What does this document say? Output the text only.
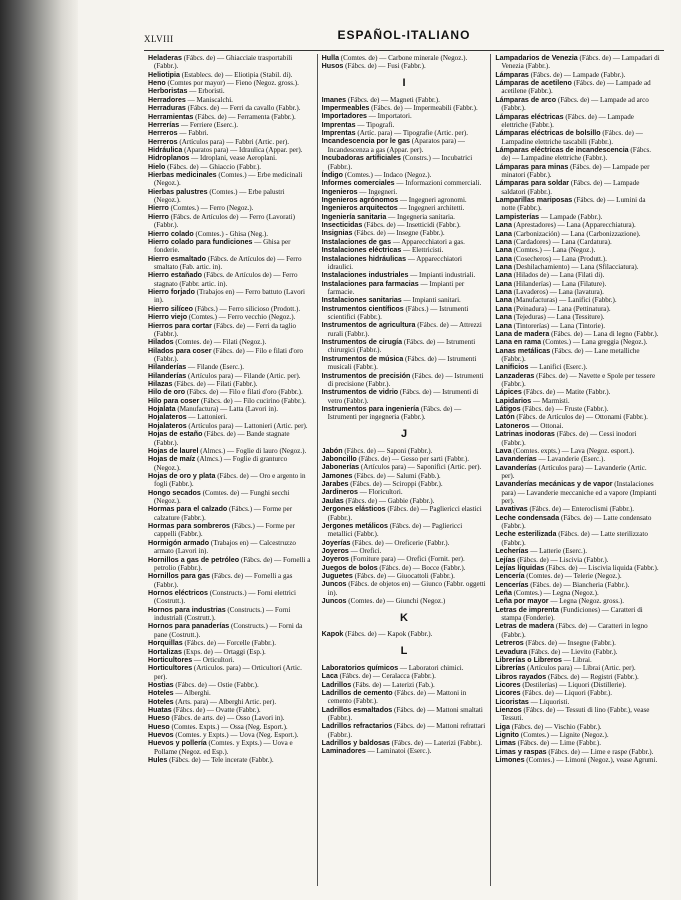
XLVIII	ESPAÑOL-ITALIANO

Heladeras (Fábcs. de) — Ghiacciaie trasportabili (Fabbr.).

Heliotipia (Establecs. de) — Eliotipia (Stabil. di).

Heno (Comtes por mayor) — Fieno (Negoz. gross.).

Herboristas — Erboristi.

Herradores — Maniscalchi.

Herraduras (Fábcs. de) — Ferri da cavallo (Fabbr.).

Herramientas (Fábcs. de) — Ferramenta (Fabbr.).

Herrerías — Ferriere (Eserc.).

Herreros — Fabbri.

Herreros (Artículos para) — Fabbri (Artic. per).

Hidráulica (Aparatos para) — Idraulica (Appar. per).

Hidroplanos — Idroplani, vease Aeroplani.

Hielo (Fábcs. de) — Ghiaccio (Fabbr.).

Hierbas medicinales (Comtes.) — Erbe medicinali (Negoz.).

Hierbas palustres (Comtes.) — Erbe palustri (Negoz.).

Hierro (Comtes.) — Ferro (Negoz.).

Hierro (Fábcs. de Artículos de) — Ferro (Lavorati) (Fabbr.).

Hierro colado (Comtes.) - Ghisa (Neg.).

Hierro colado para fundiciones — Ghisa per fonderie.

Hierro esmaltado (Fábcs. de Artículos de) — Ferro smaltato (Fab. artic. in).

Hierro estañado (Fábcs. de Artículos de) — Ferro stagnato (Fabbr. artic. in).

Hierro forjado (Trabajos en) — Ferro battuto (Lavori in).

Hierro silíceo (Fábcs.) — Ferro silicioso (Prodott.).

Hierro viejo (Comtes.) — Ferro vecchio (Negoz.).

Hierros para cortar (Fábcs. de) — Ferri da taglio (Fabbr.).

Hilados (Comtes. de) — Filati (Negoz.).

Hilados para coser (Fábcs. de) — Filo e filati d'oro (Fabbr.).

Hilanderías — Filande (Eserc.).

Hilanderías (Artículos para) — Filande (Artic. per).

Hilazas (Fábcs. de) — Filati (Fabbr.).

Hilo de oro (Fábcs. de) — Filo e filati d'oro (Fabbr.).

Hilo para coser (Fábcs. de) — Filo cucirino (Fabbr.).

Hojalata (Manufactura) — Latta (Lavori in).

Hojalateros — Lattonieri.

Hojalateros (Artículos para) — Lattonieri (Artic. per).

Hojas de estaño (Fábcs. de) — Bande stagnate (Fabbr.).

Hojas de laurel (Almcs.) — Foglie di lauro (Negoz.).

Hojas de maíz (Almcs.) — Foglie di granturco (Negoz.).

Hojas de oro y plata (Fábcs. de) — Oro e argento in fogli (Fabbr.).

Hongo secados (Comtes. de) — Funghi secchi (Negoz.).

Hormas para el calzado (Fábcs.) — Forme per calzature (Fabbr.).

Hormas para sombreros (Fábcs.) — Forme per cappelli (Fabbr.).

Hormigón armado (Trabajos en) — Calcestruzzo armato (Lavori in).

Hornillos a gas de petróleo (Fábcs. de) — Fornelli a petrolio (Fabbr.).

Hornillos para gas (Fábcs. de) — Fornelli a gas (Fabbr.).

Hornos eléctricos (Constructs.) — Forni elettrici (Costrutt.).

Hornos para industrias (Constructs.) — Forni industriali (Costrutt.).

Hornos para panaderías (Constructs.) — Forni da pane (Costrutt.).

Horquillas (Fábcs. de) — Forcelle (Fabbr.).

Hortalizas (Exps. de) — Ortaggi (Esp.).

Horticultores — Orticultori.

Horticultores (Articulos. para) — Orticultori (Artic. per).

Hostias (Fábcs. de) — Ostie (Fabbr.).

Hoteles — Alberghi.

Hoteles (Arts. para) — Alberghi Artic. per).

Huatas (Fábcs. de) — Ovatte (Fabbr.).

Hueso (Fábcs. de arts. de) — Osso (Lavori in).

Hueso (Comtes. Expts.) — Ossa (Neg. Esport.).

Huevos (Comtes. y Expts.) — Uova (Neg. Esport.).

Huevos y pollería (Comtes. y Expts.) — Uova e Pollame (Negoz. ed Esp.).

Hules (Fábcs. de) — Tele incerate (Fabbr.).

Hulla (Comtes. de) — Carbone minerale (Negoz.).

Husos (Fábcs. de) — Fusi (Fabbr.).

I

Imanes (Fábcs. de) — Magneti (Fabbr.).

Impermeables (Fábcs. de) — Impermeabili (Fabbr.).

Importadores — Importatori.

Imprentas — Tipografi.

Imprentas (Artíc. para) — Tipografie (Artic. per).

Incandescencia por le gas (Aparatos para) — Incandescenza a gas (Appar. per).

Incubadoras artificiales (Constrs.) — Incubatrici (Fabbr.).

Índigo (Comtes.) — Indaco (Negoz.).

Informes comerciales — Informazioni commerciali.

Ingenieros — Ingegneri.

Ingenieros agrónomos — Ingegneri agronomi.

Ingenieros arquitectos — Ingegneri architetti.

Ingeniería sanitaria — Ingegneria sanitaria.

Insecticidas (Fábcs. de) — Insetticidi (Fabbr.).

Insignias (Fábcs. de) — Insegne (Fabbr.).

Instalaciones de gas — Apparecchiatori a gas.

Instalaciones eléctricas — Elettricisti.

Instalaciones hidráulicas — Apparecchiatori idraulici.

Instalaciones industriales — Impianti industriali.

Instalaciones para farmacias — Impianti per farmacie.

Instalaciones sanitarias — Impianti sanitari.

Instrumentos científicos (Fábcs.) — Istrumenti scientifici (Fabbr.).

Instrumentos de agricultura (Fábcs. de) — Attrezzi rurali (Fabbr.).

Instrumentos de cirugía (Fábcs. de) — Istrumenti chirurgici (Fabbr.).

Instrumentos de música (Fábcs. de) — Istrumenti musicali (Fabbr.).

Instrumentos de precisión (Fábcs. de) — Istrumenti di precisione (Fabbr.).

Instrumentos de vidrio (Fábcs. de) — Istrumenti di vetro (Fabbr.).

Instrumentos para ingeniería (Fábcs. de) — Istrumenti per ingegneria (Fabbr.).

J

Jabón (Fábcs. de) — Saponi (Fabbr.).

Jaboncillo (Fábcs. de) — Gesso per sarti (Fabbr.).

Jabonerías (Artículos para) — Saponifici (Artic. per).

Jamones (Fábcs. de) — Salumi (Fabb.).

Jarabes (Fábcs. de) — Sciroppi (Fabbr.).

Jardineros — Floricultori.

Jaulas (Fábcs. de) — Gabbie (Fabbr.).

Jergones elásticos (Fábcs. de) — Pagliericci elastici (Fabbr.).

Jergones metálicos (Fábcs. de) — Pagliericci metallici (Fabbr.).

Joyerías (Fábcs. de) — Oreficerie (Fabbr.).

Joyeros — Orefici.

Joyeros (Forniture para) — Orefici (Fornit. per).

Juegos de bolos (Fábcs. de) — Bocce (Fabbr.).

Juguetes (Fábcs. de) — Giuocattoli (Fabbr.).

Juncos (Fábcs. de objetos en) — Giunco (Fabbr. oggetti in).

Juncos (Comtes. de) — Giunchi (Negoz.)

K

Kapok (Fábcs. de) — Kapok (Fabbr.).

L

Laboratorios químicos — Laboratori chimici.

Laca (Fábcs. de) — Ceralacca (Fabbr.).

Ladrillos (Fábs. de) — Laterizi (Fab.).

Ladrillos de cemento (Fábcs. de) — Mattoni in cemento (Fabbr.).

Ladrillos esmaltados (Fábcs. de) — Mattoni smaltati (Fabbr.).

Ladrillos refractarios (Fábcs. de) — Mattoni refrattari (Fabbr.).

Ladrillos y baldosas (Fábcs. de) — Laterizi (Fabbr.).

Laminadores — Laminatoi (Eserc.).

Lampadarios de Venezia (Fábcs. de) — Lampadari di Venezia (Fabbr.).

Lámparas (Fábcs. de) — Lampade (Fabbr.).

Lámparas de acetileno (Fábcs. de) — Lampade ad acetilene (Fabbr.).

Lámparas de arco (Fábcs. de) — Lampade ad arco (Fabbr.).

Lámparas eléctricas (Fábcs. de) — Lampade elettriche (Fabbr.).

Lámparas eléctricas de bolsillo (Fábcs. de) — Lampadine elettriche tascabili (Fabbr.).

Lámparas eléctricas de incandescencia (Fábcs. de) — Lampadine elettriche (Fabbr.).

Lámparas para minas (Fábcs. de) — Lampade per minatori (Fabbr.).

Lámparas para soldar (Fábcs. de) — Lampade saldatori (Fabbr.).

Lamparillas mariposas (Fábcs. de) — Lumini da notte (Fabbr.).

Lampisterías — Lampade (Fabbr.).

Lana (Aprestadores) — Lana (Apparecchiatura).

Lana (Carbonización) — Lana (Carbonizzazione).

Lana (Cardadores) — Lana (Cardatura).

Lana (Comtes.) — Lana (Negoz.).

Lana (Cosecheros) — Lana (Produtt.).

Lana (Deshilachamiento) — Lana (Sfilacciatura).

Lana (Hilados de) — Lana (Filati di).

Lana (Hilanderías) — Lana (Filature).

Lana (Lavaderos) — Lana (lavatura).

Lana (Manufacturas) — Lanifici (Fabbr.).

Lana (Peinadura) — Lana (Pettinatura).

Lana (Tejeduras) — Lana (Tessiture).

Lana (Tintorerías) — Lana (Tintorie).

Lana de madera (Fábcs. de) — Lana di legno (Fabbr.).

Lana en rama (Comtes.) — Lana greggia (Negoz.).

Lanas metálicas (Fábcs. de) — Lane metalliche (Fabbr.).

Lanificios — Lanifici (Eserc.).

Lanzaderas (Fábcs. de) — Navette e Spole per tessere (Fabbr.).

Lápices (Fábcs. de) — Matite (Fabbr.).

Lapidarios — Marmisti.

Látigos (Fábcs. de) — Fruste (Fabbr.).

Latón (Fábcs. de Artículos de) — Ottonami (Fabbr.).

Latoneros — Ottonai.

Latrinas inodoras (Fábcs. de) — Cessi inodori (Fabbr.).

Lava (Comtes. expts.) — Lava (Negoz. esport.).

Lavanderías — Lavanderie (Eserc.).

Lavanderías (Artículos para) — Lavanderie (Artic. per).

Lavanderías mecánicas y de vapor (Instalaciones para) — Lavanderie meccaniche ed a vapore (Impianti per).

Lavativas (Fábcs. de) — Enteroclismi (Fabbr.).

Leche condensada (Fábcs. de) — Latte condensato (Fabbr.).

Leche esterilizada (Fábcs. de) — Latte sterilizzato (Fabbr.).

Lecherías — Latterie (Eserc.).

Lejías (Fábcs. de) — Liscivia (Fabbr.).

Lejías líquidas (Fábcs. de) — Liscivia liquida (Fabbr.).

Lencería (Comtes. de) — Telerie (Negoz.).

Lencerías (Fábcs. de) — Biancheria (Fabbr.).

Leña (Comtes.) — Legna (Negoz.).

Leña por mayor — Legna (Negoz. gross.).

Letras de imprenta (Fundiciones) — Caratteri di stampa (Fonderie).

Letras de madera (Fábcs. de) — Caratteri in legno (Fabbr.).

Letreros (Fábcs. de) — Insegne (Fabbr.).

Levadura (Fábcs. de) — Lievito (Fabbr.).

Librerías o Libreros — Librai.

Librerías (Artículos para) — Librai (Artic. per).

Libros rayados (Fábcs. de) — Registri (Fabbr.).

Licores (Destilerías) — Liquori (Distillerie).

Licores (Fábcs. de) — Liquori (Fabbr.).

Licoristas — Liquoristi.

Lienzos (Fábcs. de) — Tessuti di lino (Fabbr.), vease Tessuti.

Liga (Fábcs. de) — Vischio (Fabbr.).

Lignito (Comtes.) — Lignite (Negoz.).

Limas (Fábcs. de) — Lime (Fabbr.).

Limas y raspas (Fábcs. de) — Lime e raspe (Fabbr.).

Limones (Comtes.) — Limoni (Negoz.), vease Agrumi.
